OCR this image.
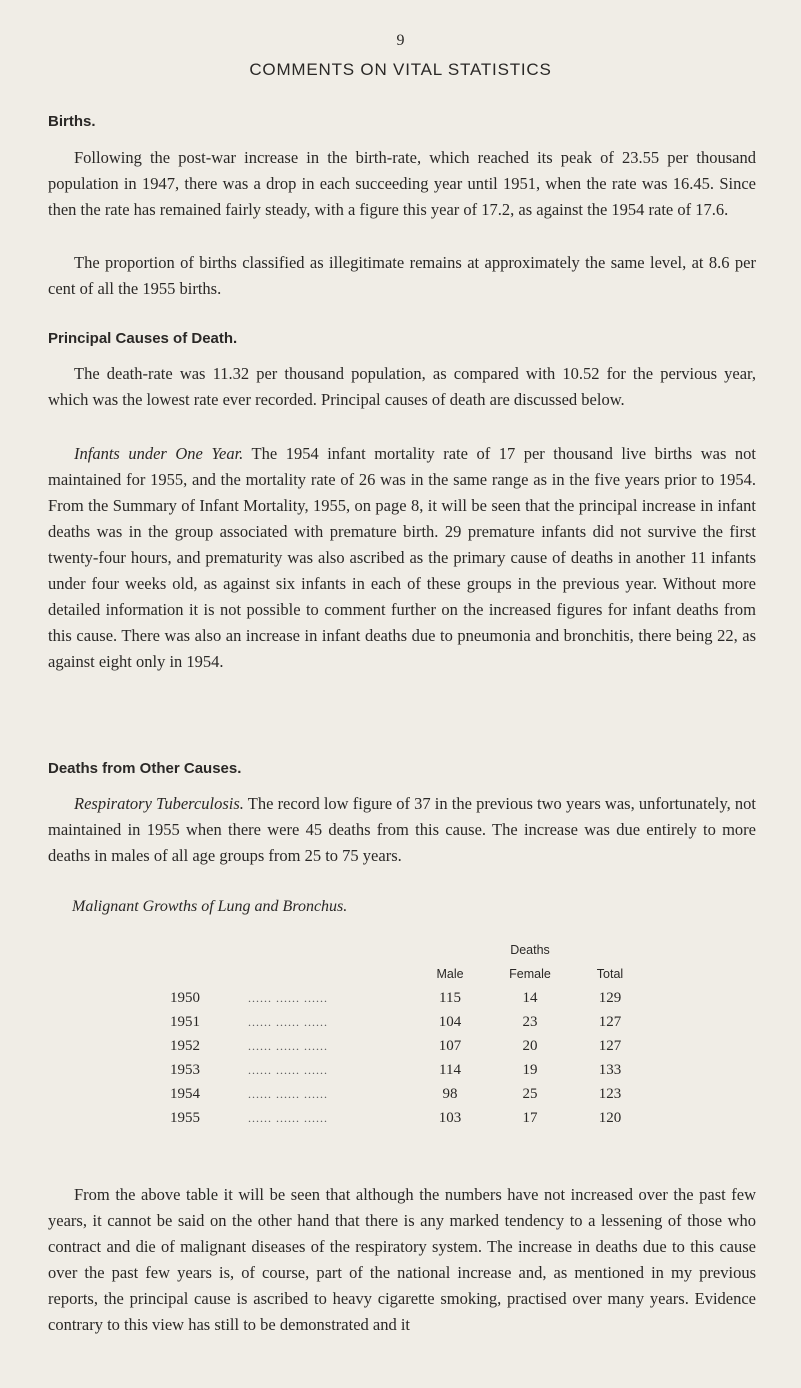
9
COMMENTS ON VITAL STATISTICS
Births.

Following the post-war increase in the birth-rate, which reached its peak of 23.55 per thousand population in 1947, there was a drop in each succeeding year until 1951, when the rate was 16.45. Since then the rate has remained fairly steady, with a figure this year of 17.2, as against the 1954 rate of 17.6.

The proportion of births classified as illegitimate remains at approximately the same level, at 8.6 per cent of all the 1955 births.

Principal Causes of Death.

The death-rate was 11.32 per thousand population, as compared with 10.52 for the pervious year, which was the lowest rate ever recorded. Principal causes of death are discussed below.

Infants under One Year. The 1954 infant mortality rate of 17 per thousand live births was not maintained for 1955, and the mortality rate of 26 was in the same range as in the five years prior to 1954. From the Summary of Infant Mortality, 1955, on page 8, it will be seen that the principal increase in infant deaths was in the group associated with premature birth. 29 premature infants did not survive the first twenty-four hours, and prematurity was also ascribed as the primary cause of deaths in another 11 infants under four weeks old, as against six infants in each of these groups in the previous year. Without more detailed information it is not possible to comment further on the increased figures for infant deaths from this cause. There was also an increase in infant deaths due to pneumonia and bronchitis, there being 22, as against eight only in 1954.

Deaths from Other Causes.

Respiratory Tuberculosis. The record low figure of 37 in the previous two years was, unfortunately, not maintained in 1955 when there were 45 deaths from this cause. The increase was due entirely to more deaths in males of all age groups from 25 to 75 years.

Malignant Growths of Lung and Bronchus.
			Deaths	
		Male	Female	Total
1950	...... ...... ......	115	14	129
1951	...... ...... ......	104	23	127
1952	...... ...... ......	107	20	127
1953	...... ...... ......	114	19	133
1954	...... ...... ......	98	25	123
1955	...... ...... ......	103	17	120

From the above table it will be seen that although the numbers have not increased over the past few years, it cannot be said on the other hand that there is any marked tendency to a lessening of those who contract and die of malignant diseases of the respiratory system. The increase in deaths due to this cause over the past few years is, of course, part of the national increase and, as mentioned in my previous reports, the principal cause is ascribed to heavy cigarette smoking, practised over many years. Evidence contrary to this view has still to be demonstrated and it
